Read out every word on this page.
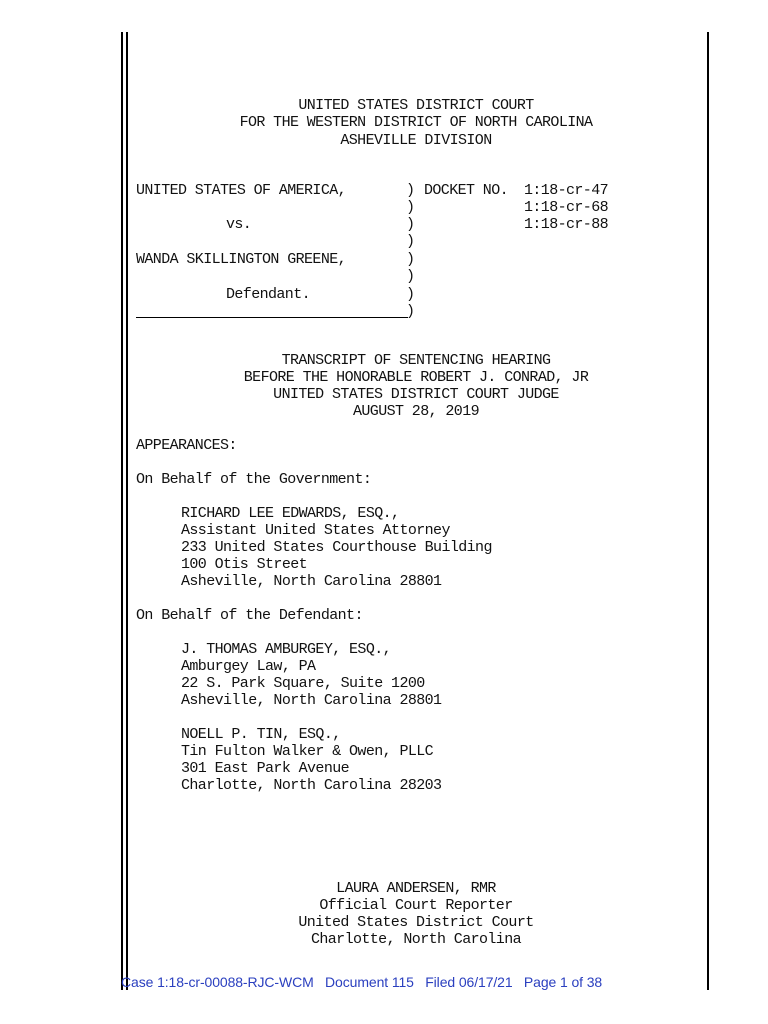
UNITED STATES DISTRICT COURT
FOR THE WESTERN DISTRICT OF NORTH CAROLINA
ASHEVILLE DIVISION
UNITED STATES OF AMERICA,
vs.
WANDA SKILLINGTON GREENE,
Defendant.
)
)
)
)
)
)
)
)
DOCKET NO. 1:18-cr-47
1:18-cr-68
1:18-cr-88
TRANSCRIPT OF SENTENCING HEARING
BEFORE THE HONORABLE ROBERT J. CONRAD, JR
UNITED STATES DISTRICT COURT JUDGE
AUGUST 28, 2019
APPEARANCES:
On Behalf of the Government:
RICHARD LEE EDWARDS, ESQ.,
Assistant United States Attorney
233 United States Courthouse Building
100 Otis Street
Asheville, North Carolina 28801
On Behalf of the Defendant:
J. THOMAS AMBURGEY, ESQ.,
Amburgey Law, PA
22 S. Park Square, Suite 1200
Asheville, North Carolina 28801
NOELL P. TIN, ESQ.,
Tin Fulton Walker & Owen, PLLC
301 East Park Avenue
Charlotte, North Carolina 28203
LAURA ANDERSEN, RMR
Official Court Reporter
United States District Court
Charlotte, North Carolina
Case 1:18-cr-00088-RJC-WCM   Document 115   Filed 06/17/21   Page 1 of 38
